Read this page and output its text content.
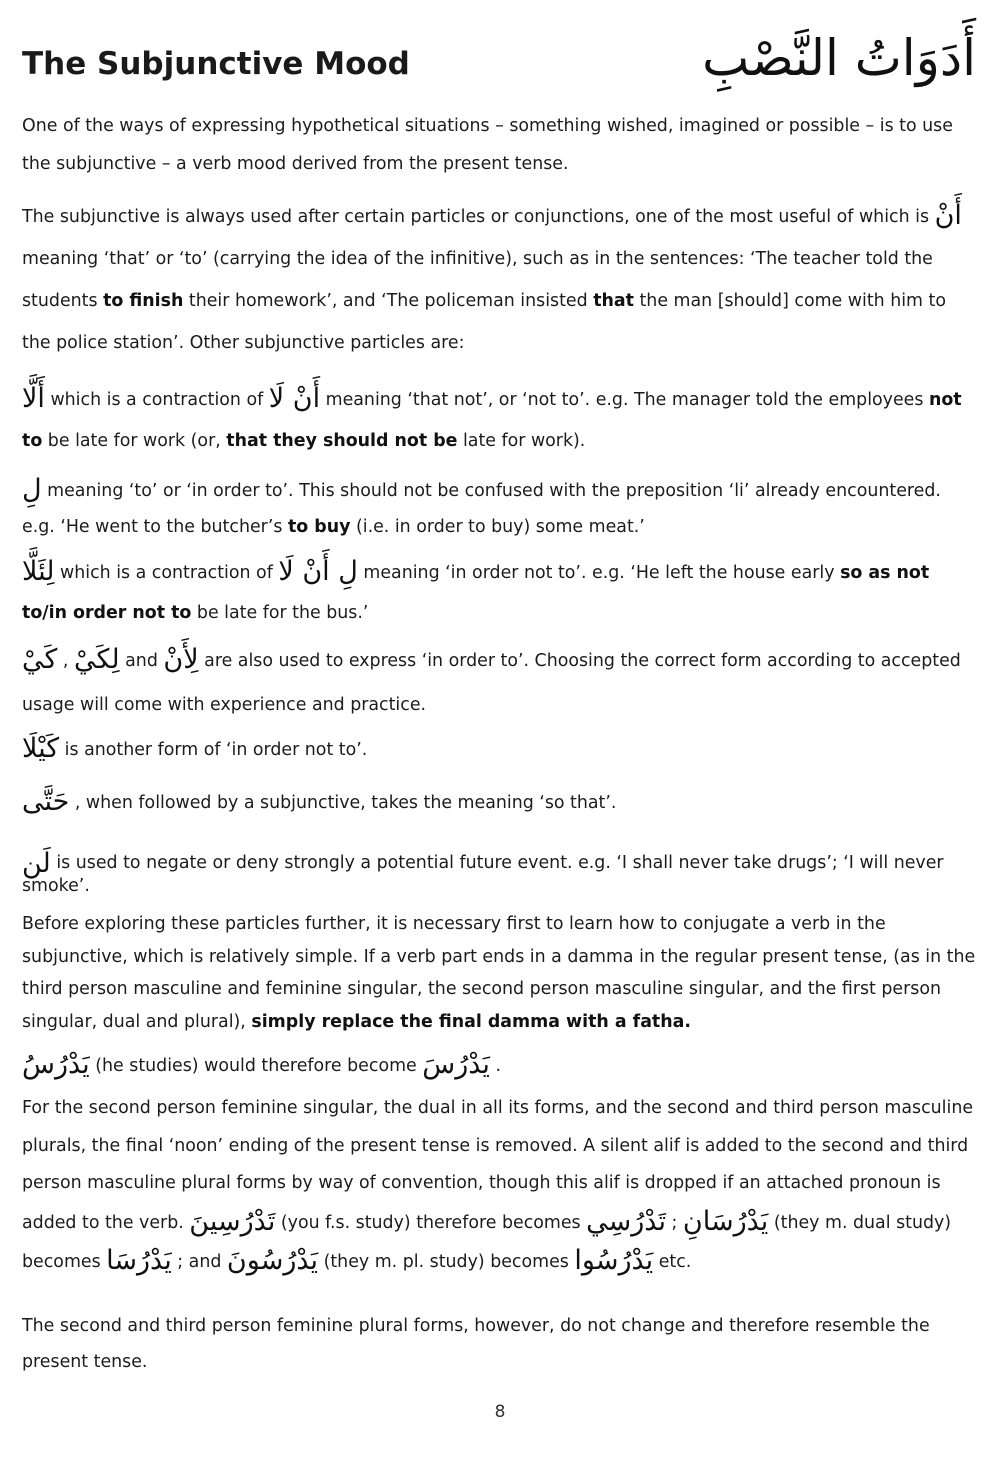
The Subjunctive Mood	أَدَوَاتُ النَّصْبِ

One of the ways of expressing hypothetical situations – something wished, imagined or possible – is to use the subjunctive – a verb mood derived from the present tense.

The subjunctive is always used after certain particles or conjunctions, one of the most useful of which is أَنْ meaning ‘that’ or ‘to’ (carrying the idea of the infinitive), such as in the sentences: ‘The teacher told the students to finish their homework’, and ‘The policeman insisted that the man [should] come with him to the police station’. Other subjunctive particles are:

أَلَّا which is a contraction of أَنْ لَا meaning ‘that not’, or ‘not to’. e.g. The manager told the employees not to be late for work (or, that they should not be late for work).

لِ meaning ‘to’ or ‘in order to’. This should not be confused with the preposition ‘li’ already encountered. e.g. ‘He went to the butcher’s to buy (i.e. in order to buy) some meat.’

لِئَلَّا which is a contraction of لِ أَنْ لَا meaning ‘in order not to’. e.g. ‘He left the house early so as not to/in order not to be late for the bus.’

كَيْ , لِكَيْ and لِأَنْ are also used to express ‘in order to’. Choosing the correct form according to accepted usage will come with experience and practice.

كَيْلَا is another form of ‘in order not to’.

حَتَّى , when followed by a subjunctive, takes the meaning ‘so that’.

لَن is used to negate or deny strongly a potential future event. e.g. ‘I shall never take drugs’; ‘I will never smoke’.

Before exploring these particles further, it is necessary first to learn how to conjugate a verb in the subjunctive, which is relatively simple. If a verb part ends in a damma in the regular present tense, (as in the third person masculine and feminine singular, the second person masculine singular, and the first person singular, dual and plural), simply replace the final damma with a fatha.

يَدْرُسُ (he studies) would therefore become يَدْرُسَ .

For the second person feminine singular, the dual in all its forms, and the second and third person masculine plurals, the final ‘noon’ ending of the present tense is removed. A silent alif is added to the second and third person masculine plural forms by way of convention, though this alif is dropped if an attached pronoun is added to the verb. تَدْرُسِينَ (you f.s. study) therefore becomes تَدْرُسِي ; يَدْرُسَانِ (they m. dual study) becomes يَدْرُسَا ; and يَدْرُسُونَ (they m. pl. study) becomes يَدْرُسُوا etc.

The second and third person feminine plural forms, however, do not change and therefore resemble the present tense.

8
